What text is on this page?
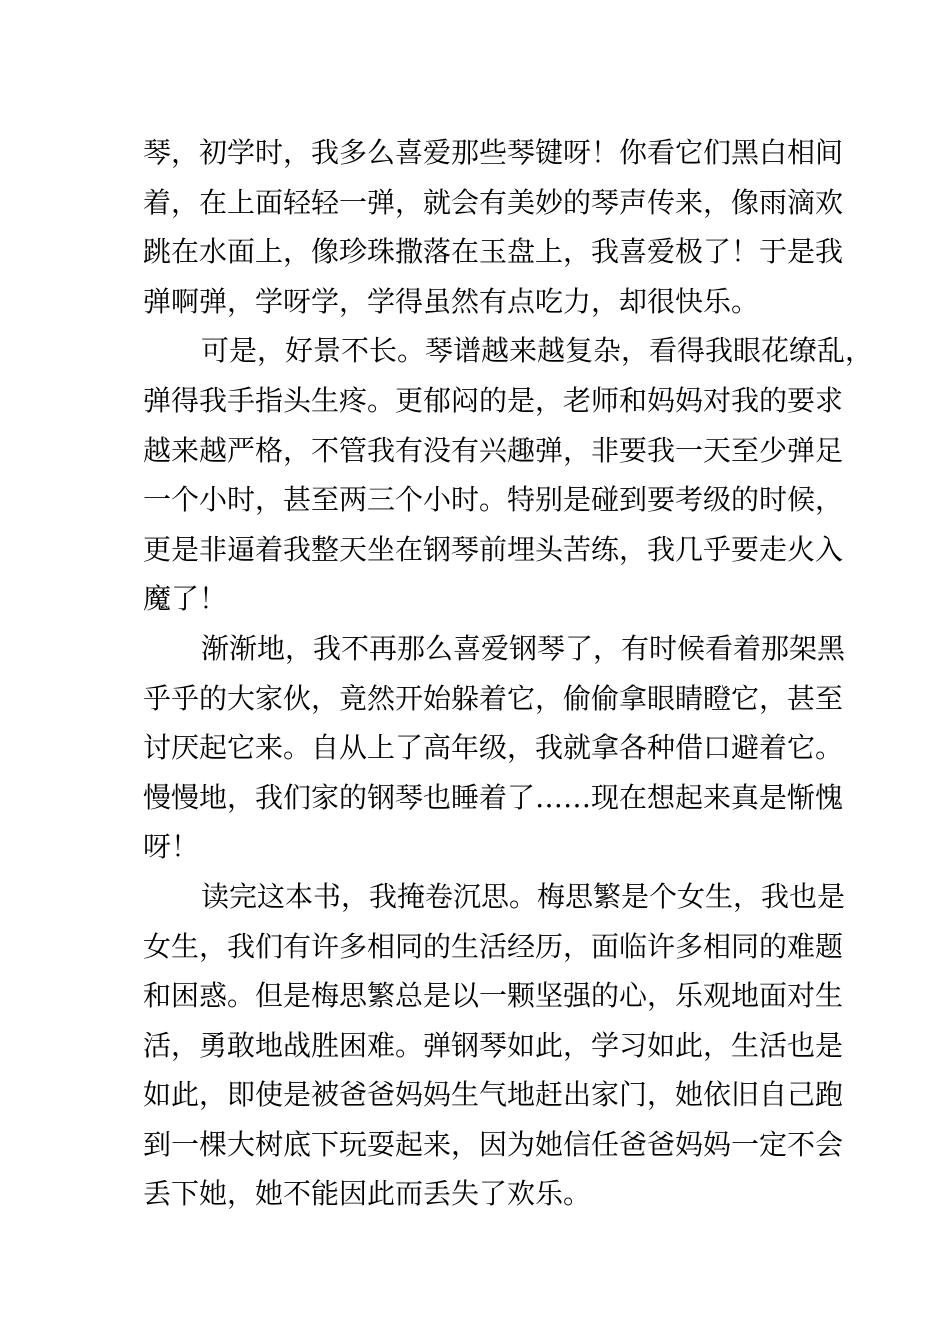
琴，初学时，我多么喜爱那些琴键呀！你看它们黑白相间
着，在上面轻轻一弹，就会有美妙的琴声传来，像雨滴欢
跳在水面上，像珍珠撒落在玉盘上，我喜爱极了！于是我
弹啊弹，学呀学，学得虽然有点吃力，却很快乐。
可是，好景不长。琴谱越来越复杂，看得我眼花缭乱，
弹得我手指头生疼。更郁闷的是，老师和妈妈对我的要求
越来越严格，不管我有没有兴趣弹，非要我一天至少弹足
一个小时，甚至两三个小时。特别是碰到要考级的时候，
更是非逼着我整天坐在钢琴前埋头苦练，我几乎要走火入
魔了！
渐渐地，我不再那么喜爱钢琴了，有时候看着那架黑
乎乎的大家伙，竟然开始躲着它，偷偷拿眼睛瞪它，甚至
讨厌起它来。自从上了高年级，我就拿各种借口避着它。
慢慢地，我们家的钢琴也睡着了……现在想起来真是惭愧
呀！
读完这本书，我掩卷沉思。梅思繁是个女生，我也是
女生，我们有许多相同的生活经历，面临许多相同的难题
和困惑。但是梅思繁总是以一颗坚强的心，乐观地面对生
活，勇敢地战胜困难。弹钢琴如此，学习如此，生活也是
如此，即使是被爸爸妈妈生气地赶出家门，她依旧自己跑
到一棵大树底下玩耍起来，因为她信任爸爸妈妈一定不会
丢下她，她不能因此而丢失了欢乐。
